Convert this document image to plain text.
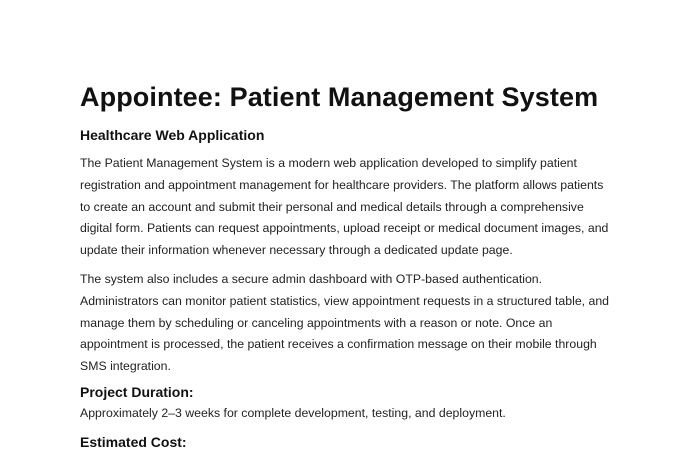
Appointee: Patient Management System
Healthcare Web Application

The Patient Management System is a modern web application developed to simplify patient registration and appointment management for healthcare providers. The platform allows patients to create an account and submit their personal and medical details through a comprehensive digital form. Patients can request appointments, upload receipt or medical document images, and update their information whenever necessary through a dedicated update page.

The system also includes a secure admin dashboard with OTP-based authentication. Administrators can monitor patient statistics, view appointment requests in a structured table, and manage them by scheduling or canceling appointments with a reason or note. Once an appointment is processed, the patient receives a confirmation message on their mobile through SMS integration.

Project Duration:

Approximately 2–3 weeks for complete development, testing, and deployment.

Estimated Cost:
